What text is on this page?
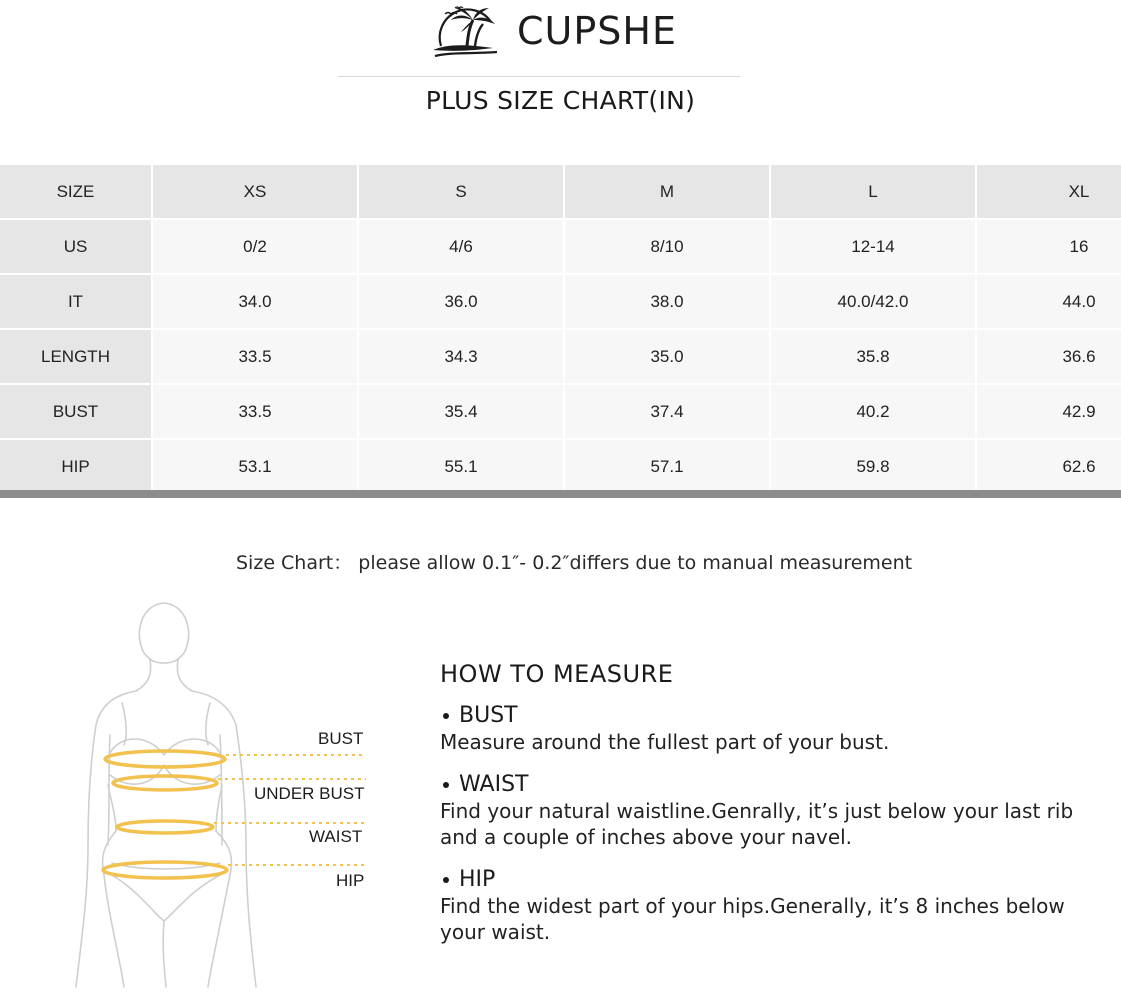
CUPSHE
PLUS SIZE CHART(IN)
SIZE	XS	S	M	L	XL
US	0/2	4/6	8/10	12-14	16
IT	34.0	36.0	38.0	40.0/42.0	44.0
LENGTH	33.5	34.3	35.0	35.8	36.6
BUST	33.5	35.4	37.4	40.2	42.9
HIP	53.1	55.1	57.1	59.8	62.6
Size Chart： please allow 0.1″- 0.2″differs due to manual measurement
BUST
UNDER BUST
WAIST
HIP
HOW TO MEASURE
BUST
Measure around the fullest part of your bust.
WAIST
Find your natural waistline.Genrally, it’s just below your last rib and a couple of inches above your navel.
HIP
Find the widest part of your hips.Generally, it’s 8 inches below your waist.
